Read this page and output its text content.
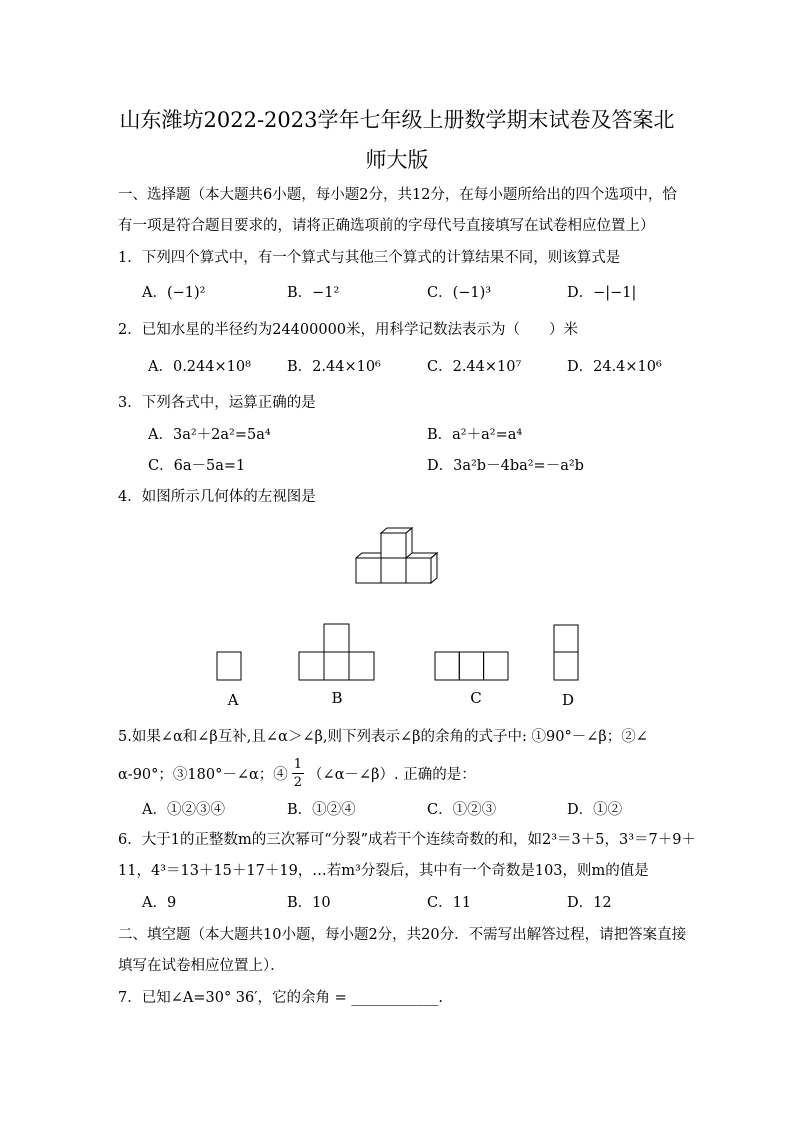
山东潍坊2022-2023学年七年级上册数学期末试卷及答案北
师大版
一、选择题（本大题共6小题，每小题2分，共12分，在每小题所给出的四个选项中，恰
有一项是符合题目要求的，请将正确选项前的字母代号直接填写在试卷相应位置上）
1．下列四个算式中，有一个算式与其他三个算式的计算结果不同，则该算式是
A．(−1)²	B．−1²	C．(−1)³	D．−|−1|
2．已知水星的半径约为24400000米，用科学记数法表示为（　　）米
A．0.244×10⁸ B．2.44×10⁶	C．2.44×10⁷	D．24.4×10⁶
3．下列各式中，运算正确的是
A．3a²＋2a²=5a⁴	B．a²＋a²=a⁴
C．6a－5a=1	D．3a²b－4ba²=－a²b
4．如图所示几何体的左视图是
A	B	C	D
5.如果∠α和∠β互补,且∠α＞∠β,则下列表示∠β的余角的式子中: ①90°－∠β；②∠
α-90°；③180°－∠α；④ $\frac{1}{2}$ （∠α－∠β）. 正确的是：
A．①②③④	B．①②④	C．①②③	D．①②
6．大于1的正整数m的三次幂可“分裂”成若干个连续奇数的和，如2³＝3＋5，3³＝7＋9＋
11，4³＝13＋15＋17＋19，…若m³分裂后，其中有一个奇数是103，则m的值是
A．9	B．10	C．11	D．12
二、填空题（本大题共10小题，每小题2分，共20分．不需写出解答过程，请把答案直接
填写在试卷相应位置上）．
7．已知∠A=30° 36′，它的余角 = ____________.
